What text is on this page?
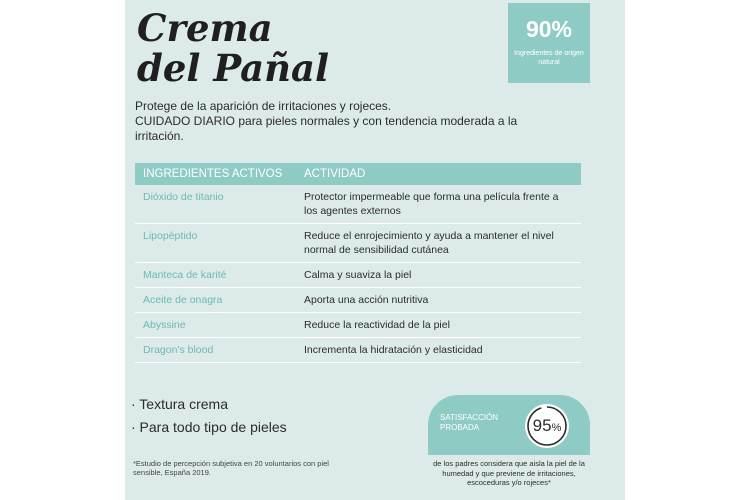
Crema
del Pañal
90%
Ingredientes de origen natural
Protege de la aparición de irritaciones y rojeces.
CUIDADO DIARIO para pieles normales y con tendencia moderada a la irritación.
INGREDIENTES ACTIVOS	ACTIVIDAD
Dióxido de titanio	Protector impermeable que forma una película frente a los agentes externos
Lipopéptido	Reduce el enrojecimiento y ayuda a mantener el nivel normal de sensibilidad cutánea
Manteca de karité	Calma y suaviza la piel
Aceite de onagra	Aporta una acción nutritiva
Abyssine	Reduce la reactividad de la piel
Dragon's blood	Incrementa la hidratación y elasticidad
· Textura crema
· Para todo tipo de pieles
*Estudio de percepción subjetiva en 20 voluntarios con piel sensible, España 2019.
SATISFACCIÓN PROBADA	95%
de los padres considera que aisla la piel de la humedad y que previene de irritaciones, escoceduras y/o rojeces*
